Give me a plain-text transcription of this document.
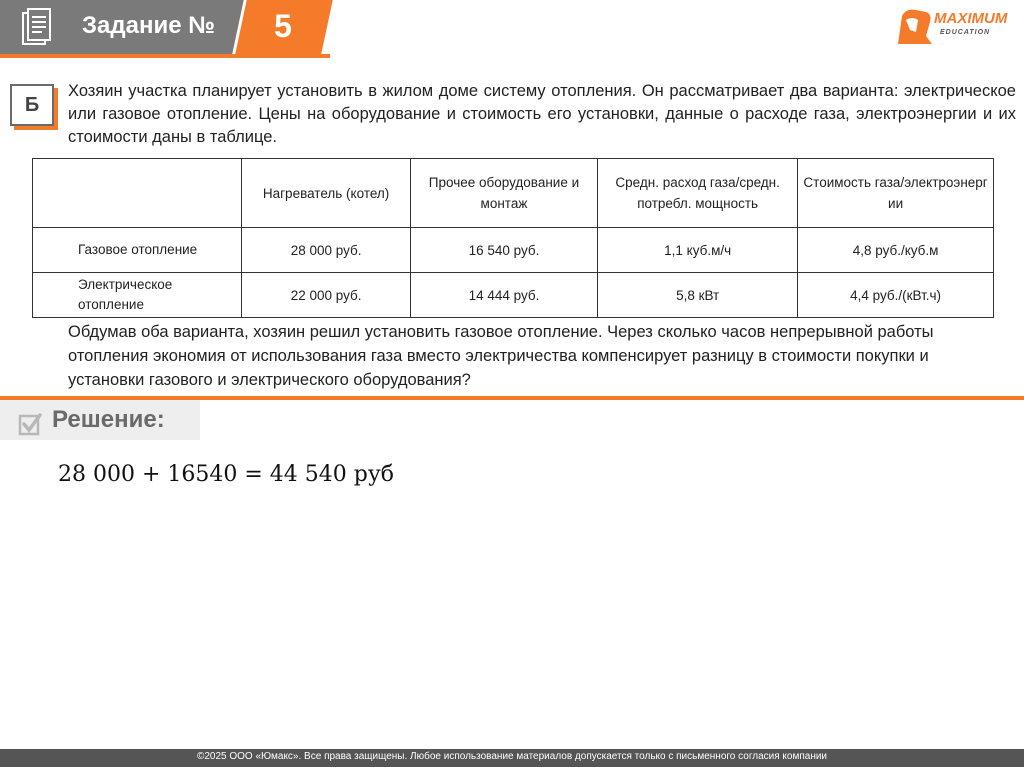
Задание №	5	MAXIMUM
EDUCATION
Б
Хозяин участка планирует установить в жилом доме систему отопления. Он рассматривает два варианта: электрическое или газовое отопление. Цены на оборудование и стоимость его установки, данные о расходе газа, электроэнергии и их стоимости даны в таблице.
	Нагреватель (котел)	Прочее оборудование и монтаж	Средн. расход газа/средн. потребл. мощность	Стоимость газа/электроэнерг ии
Газовое отопление	28 000 руб.	16 540 руб.	1,1 куб.м/ч	4,8 руб./куб.м
Электрическое отопление	22 000 руб.	14 444 руб.	5,8 кВт	4,4 руб./(кВт.ч)
Обдумав оба варианта, хозяин решил установить газовое отопление. Через сколько часов непрерывной работы отопления экономия от использования газа вместо электричества компенсирует разницу в стоимости покупки и установки газового и электрического оборудования?
Решение:
28 000 + 16540 = 44 540 руб
©2025 ООО «Юмакс». Все права защищены. Любое использование материалов допускается только с письменного согласия компании
